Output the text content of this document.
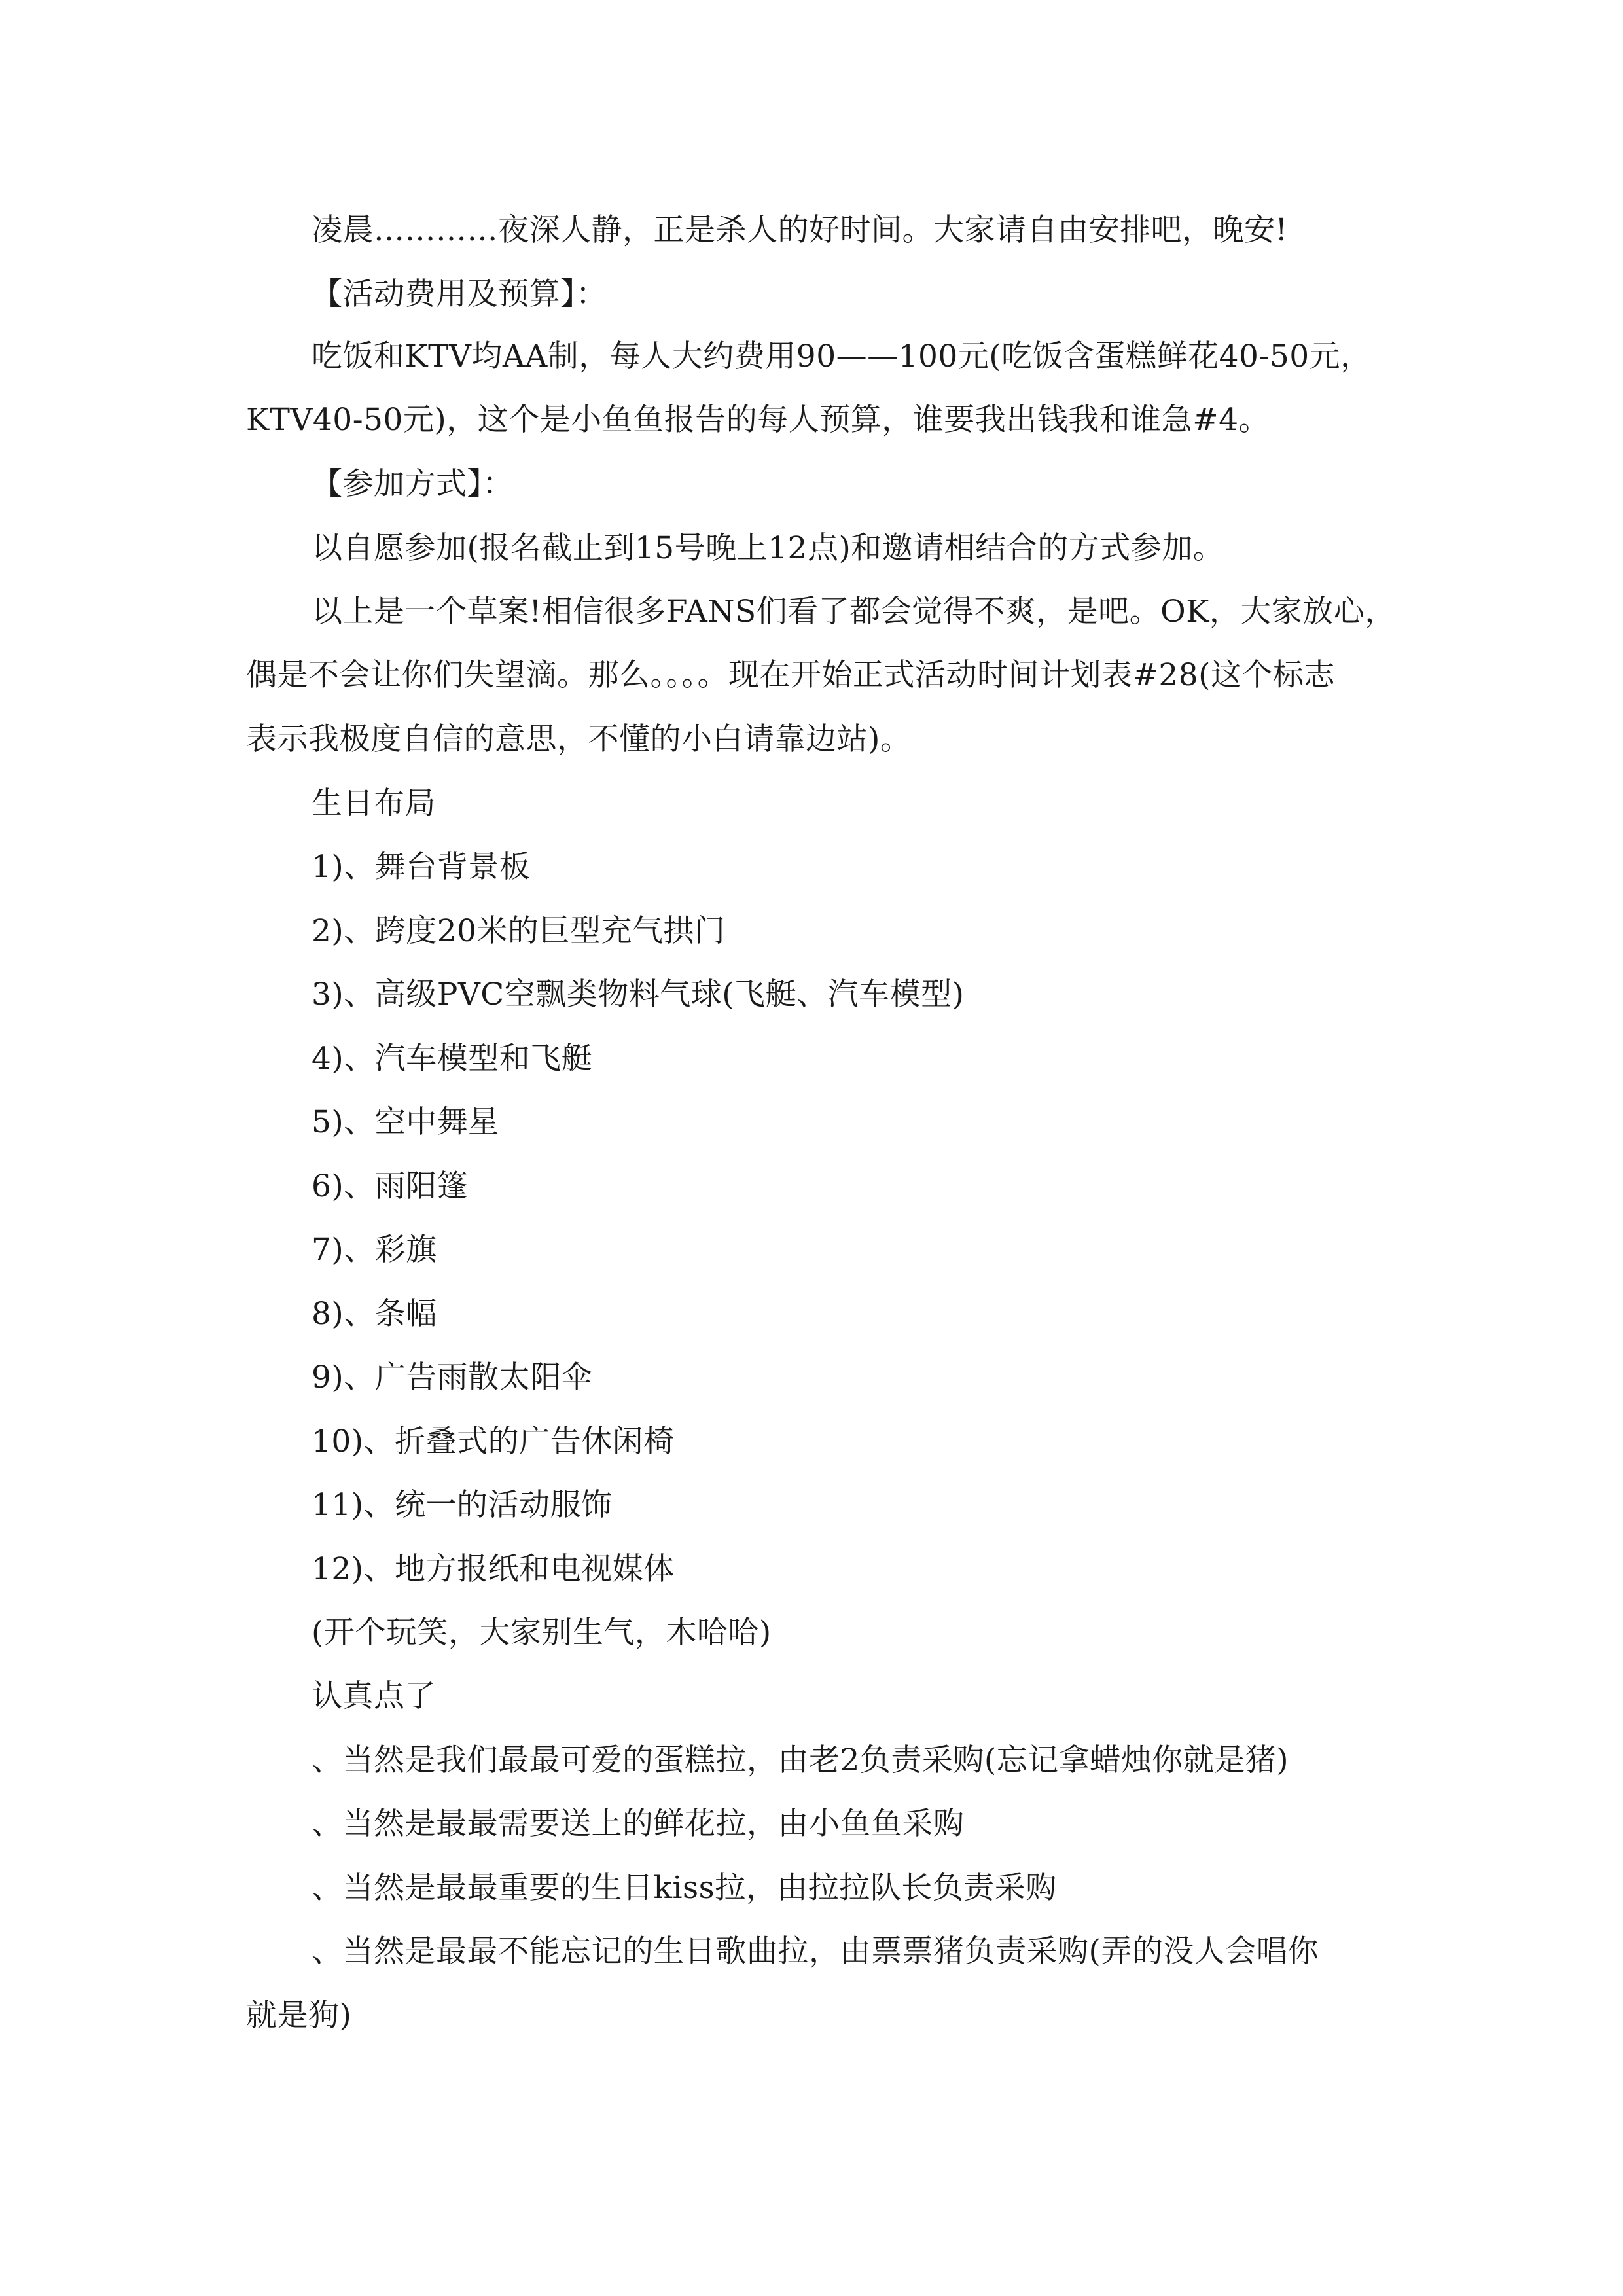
凌晨…………夜深人静，正是杀人的好时间。大家请自由安排吧，晚安!
【活动费用及预算】：
吃饭和KTV均AA制，每人大约费用90——100元(吃饭含蛋糕鲜花40-50元，
KTV40-50元)，这个是小鱼鱼报告的每人预算，谁要我出钱我和谁急#4。
【参加方式】：
以自愿参加(报名截止到15号晚上12点)和邀请相结合的方式参加。
以上是一个草案!相信很多FANS们看了都会觉得不爽，是吧。OK，大家放心，
偶是不会让你们失望滴。那么。。。。现在开始正式活动时间计划表#28(这个标志
表示我极度自信的意思，不懂的小白请靠边站)。
生日布局
1)、舞台背景板
2)、跨度20米的巨型充气拱门
3)、高级PVC空飘类物料气球(飞艇、汽车模型)
4)、汽车模型和飞艇
5)、空中舞星
6)、雨阳篷
7)、彩旗
8)、条幅
9)、广告雨散太阳伞
10)、折叠式的广告休闲椅
11)、统一的活动服饰
12)、地方报纸和电视媒体
(开个玩笑，大家别生气，木哈哈)
认真点了
、当然是我们最最可爱的蛋糕拉，由老2负责采购(忘记拿蜡烛你就是猪)
、当然是最最需要送上的鲜花拉，由小鱼鱼采购
、当然是最最重要的生日kiss拉，由拉拉队长负责采购
、当然是最最不能忘记的生日歌曲拉，由票票猪负责采购(弄的没人会唱你
就是狗)
